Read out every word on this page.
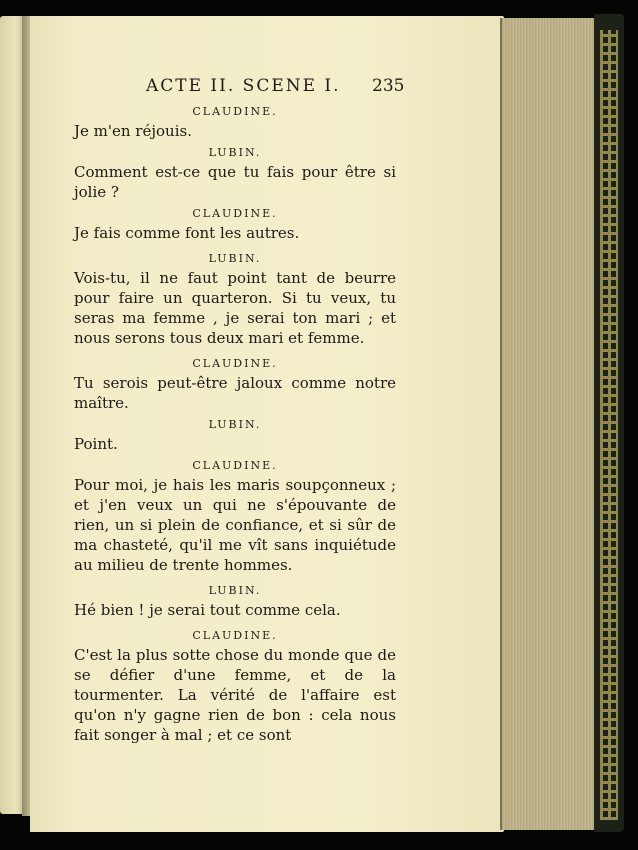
ACTE II. SCENE I. 235
CLAUDINE.
Je m'en réjouis.
LUBIN.
Comment est-ce que tu fais pour être si jolie ?
CLAUDINE.
Je fais comme font les autres.
LUBIN.
Vois-tu, il ne faut point tant de beurre pour faire un quarteron. Si tu veux, tu seras ma femme , je serai ton mari ; et nous serons tous deux mari et femme.
CLAUDINE.
Tu serois peut-être jaloux comme notre maître.
LUBIN.
Point.
CLAUDINE.
Pour moi, je hais les maris soupçonneux ; et j'en veux un qui ne s'épouvante de rien, un si plein de confiance, et si sûr de ma chasteté, qu'il me vît sans inquiétude au milieu de trente hommes.
LUBIN.
Hé bien ! je serai tout comme cela.
CLAUDINE.
C'est la plus sotte chose du monde que de se défier d'une femme, et de la tourmenter. La vérité de l'affaire est qu'on n'y gagne rien de bon : cela nous fait songer à mal ; et ce sont
